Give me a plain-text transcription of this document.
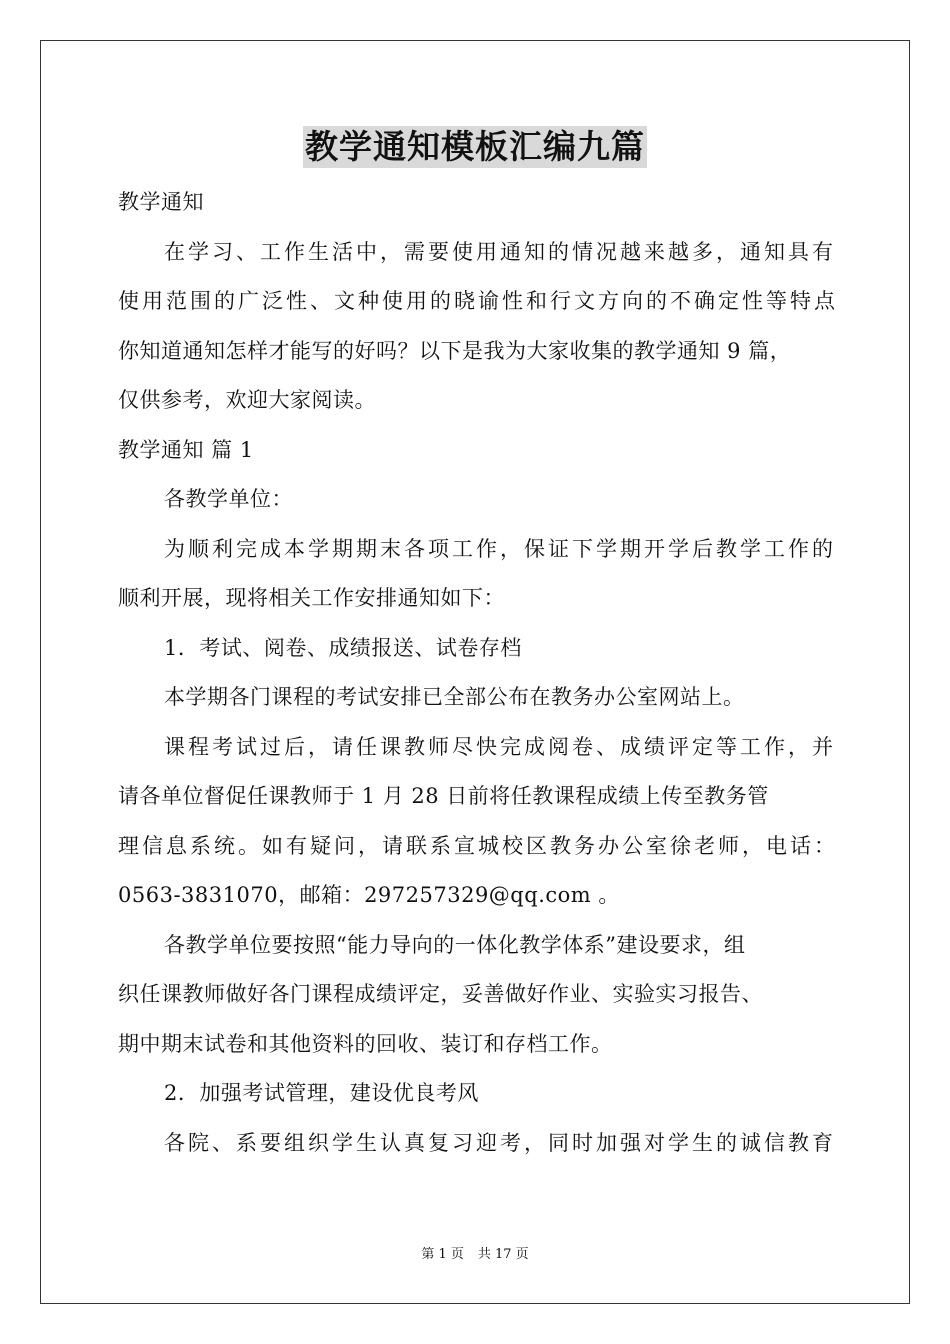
教学通知模板汇编九篇
教学通知
在学习、工作生活中，需要使用通知的情况越来越多，通知具有
使用范围的广泛性、文种使用的晓谕性和行文方向的不确定性等特点
你知道通知怎样才能写的好吗？以下是我为大家收集的教学通知 9 篇，
仅供参考，欢迎大家阅读。
教学通知 篇 1
各教学单位：
为顺利完成本学期期末各项工作，保证下学期开学后教学工作的
顺利开展，现将相关工作安排通知如下：
1．考试、阅卷、成绩报送、试卷存档
本学期各门课程的考试安排已全部公布在教务办公室网站上。
课程考试过后，请任课教师尽快完成阅卷、成绩评定等工作，并
请各单位督促任课教师于 1 月 28 日前将任教课程成绩上传至教务管
理信息系统。如有疑问，请联系宣城校区教务办公室徐老师，电话：
0563-3831070，邮箱：297257329@qq.com 。
各教学单位要按照“能力导向的一体化教学体系”建设要求，组
织任课教师做好各门课程成绩评定，妥善做好作业、实验实习报告、
期中期末试卷和其他资料的回收、装订和存档工作。
2．加强考试管理，建设优良考风
各院、系要组织学生认真复习迎考，同时加强对学生的诚信教育
第 1 页 共 17 页
